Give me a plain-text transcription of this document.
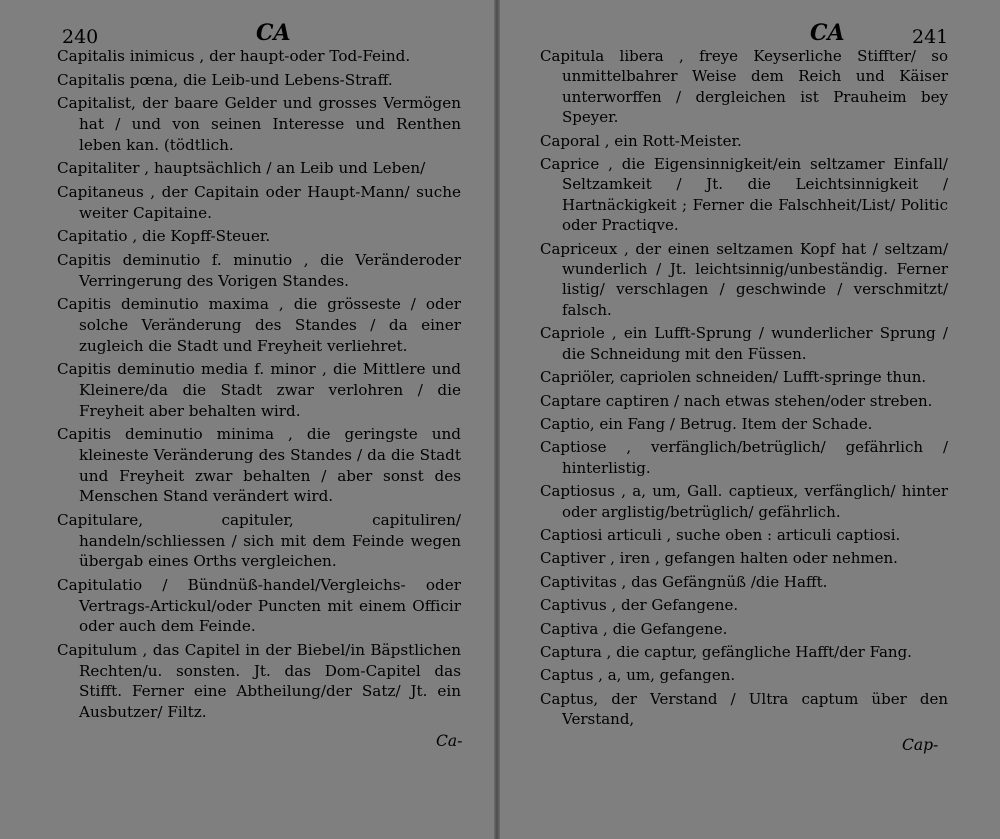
240	CA

Capitalis inimicus , der haupt-oder Tod-Feind.

Capitalis pœna, die Leib-und Lebens-Straff.

Capitalist, der baare Gelder und grosses Vermögen hat / und von seinen Interesse und Renthen leben kan. (tödtlich.

Capitaliter , hauptsächlich / an Leib und Leben/

Capitaneus , der Capitain oder Haupt-Mann/ suche weiter Capitaine.

Capitatio , die Kopff-Steuer.

Capitis deminutio f. minutio , die Veränderoder Verringerung des Vorigen Standes.

Capitis deminutio maxima , die grösseste / oder solche Veränderung des Standes / da einer zugleich die Stadt und Freyheit verliehret.

Capitis deminutio media f. minor , die Mittlere und Kleinere/da die Stadt zwar verlohren / die Freyheit aber behalten wird.

Capitis deminutio minima , die geringste und kleineste Veränderung des Standes / da die Stadt und Freyheit zwar behalten / aber sonst des Menschen Stand verändert wird.

Capitulare, capituler, capituliren/ handeln/schliessen / sich mit dem Feinde wegen übergab eines Orths vergleichen.

Capitulatio / Bündnüß-handel/Vergleichs- oder Vertrags-Artickul/oder Puncten mit einem Officir oder auch dem Feinde.

Capitulum , das Capitel in der Biebel/in Bäpstlichen Rechten/u. sonsten. Jt. das Dom-Capitel das Stifft. Ferner eine Abtheilung/der Satz/ Jt. ein Ausbutzer/ Filtz.

Ca-
CA	241

Capitula libera , freye Keyserliche Stiffter/ so unmittelbahrer Weise dem Reich und Käiser unterworffen / dergleichen ist Prauheim bey Speyer.

Caporal , ein Rott-Meister.

Caprice , die Eigensinnigkeit/ein seltzamer Einfall/ Seltzamkeit / Jt. die Leichtsinnigkeit / Hartnäckigkeit ; Ferner die Falschheit/List/ Politic oder Practiqve.

Capriceux , der einen seltzamen Kopf hat / seltzam/ wunderlich / Jt. leichtsinnig/unbeständig. Ferner listig/ verschlagen / geschwinde / verschmitzt/ falsch.

Capriole , ein Lufft-Sprung / wunderlicher Sprung / die Schneidung mit den Füssen.

Capriöler, capriolen schneiden/ Lufft-springe thun.

Captare captiren / nach etwas stehen/oder streben.

Captio, ein Fang / Betrug. Item der Schade.

Captiose , verfänglich/betrüglich/ gefährlich / hinterlistig.

Captiosus , a, um, Gall. captieux, verfänglich/ hinter oder arglistig/betrüglich/ gefährlich.

Captiosi articuli , suche oben : articuli captiosi.

Captiver , iren , gefangen halten oder nehmen.

Captivitas , das Gefängnüß /die Hafft.

Captivus , der Gefangene.

Captiva , die Gefangene.

Captura , die captur, gefängliche Hafft/der Fang.

Captus , a, um, gefangen.

Captus, der Verstand / Ultra captum über den Verstand,

Cap-
